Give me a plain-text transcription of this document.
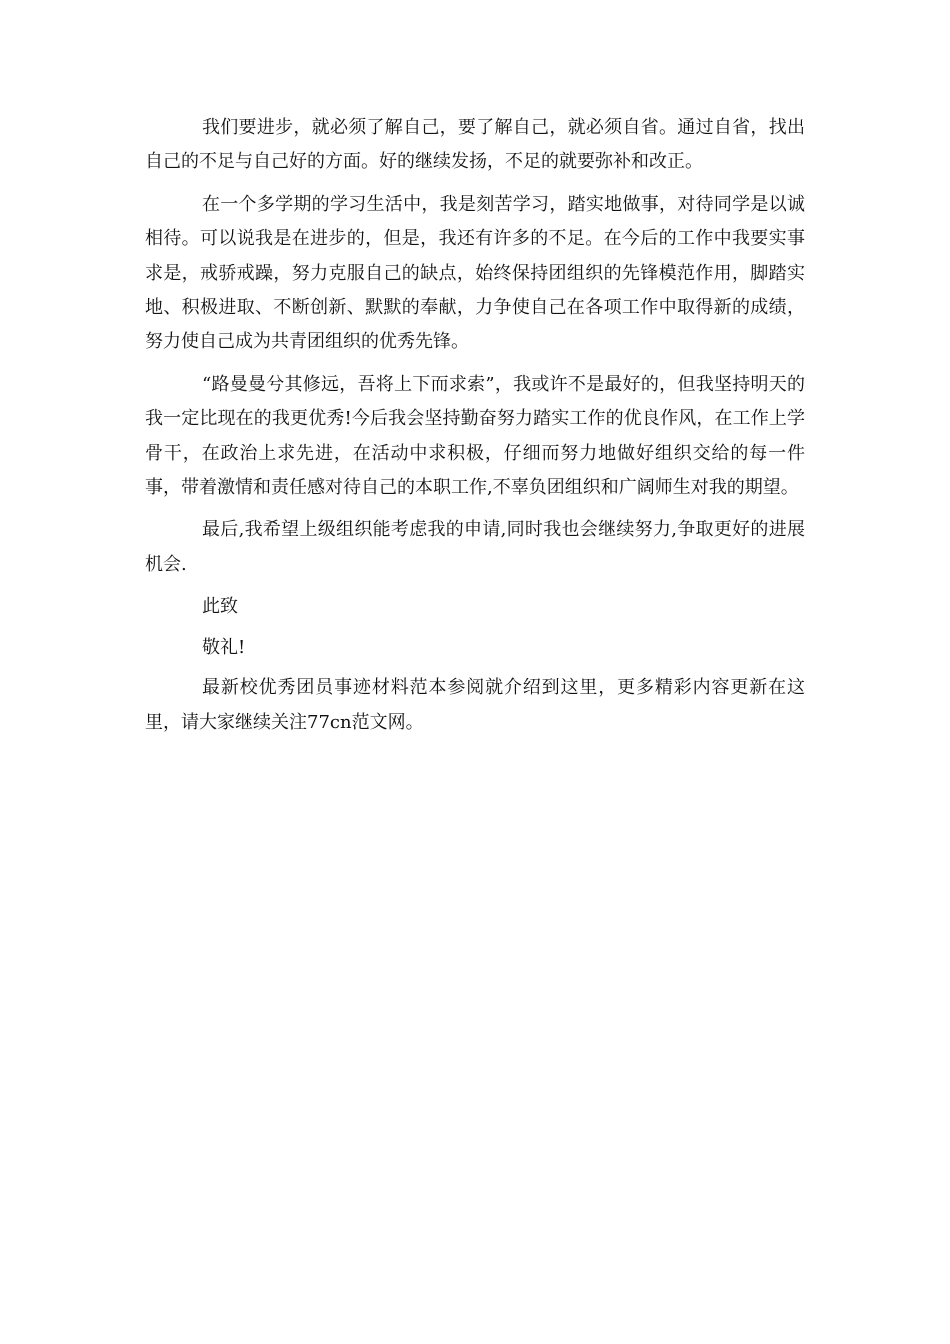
我们要进步，就必须了解自己，要了解自己，就必须自省。通过自省，找出自己的不足与自己好的方面。好的继续发扬，不足的就要弥补和改正。

在一个多学期的学习生活中，我是刻苦学习，踏实地做事，对待同学是以诚相待。可以说我是在进步的，但是，我还有许多的不足。在今后的工作中我要实事求是，戒骄戒躁，努力克服自己的缺点，始终保持团组织的先锋模范作用，脚踏实地、积极进取、不断创新、默默的奉献，力争使自己在各项工作中取得新的成绩，努力使自己成为共青团组织的优秀先锋。

“路曼曼兮其修远，吾将上下而求索”，我或许不是最好的，但我坚持明天的我一定比现在的我更优秀!今后我会坚持勤奋努力踏实工作的优良作风，在工作上学骨干，在政治上求先进，在活动中求积极，仔细而努力地做好组织交给的每一件事，带着激情和责任感对待自己的本职工作,不辜负团组织和广阔师生对我的期望。

最后,我希望上级组织能考虑我的申请,同时我也会继续努力,争取更好的进展机会.

此致

敬礼!

最新校优秀团员事迹材料范本参阅就介绍到这里，更多精彩内容更新在这里，请大家继续关注77cn范文网。
